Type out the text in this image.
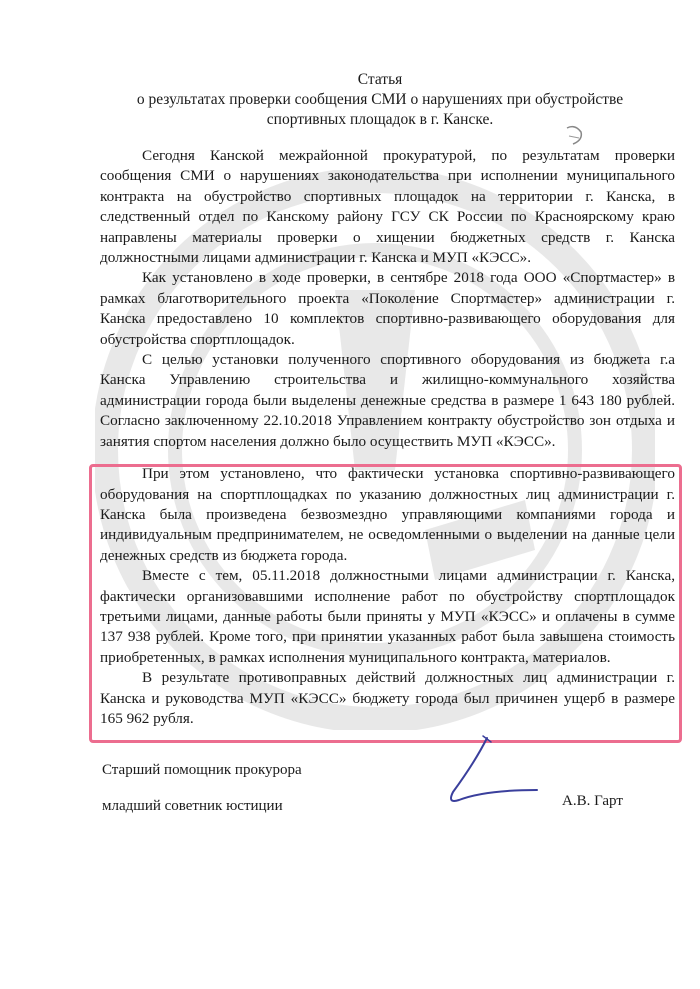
Статья
о результатах проверки сообщения СМИ о нарушениях при обустройстве
спортивных площадок в г. Канске.

Сегодня Канской межрайонной прокуратурой, по результатам проверки сообщения СМИ о нарушениях законодательства при исполнении муниципального контракта на обустройство спортивных площадок на территории г. Канска, в следственный отдел по Канскому району ГСУ СК России по Красноярскому краю направлены материалы проверки о хищении бюджетных средств г. Канска должностными лицами администрации г. Канска и МУП «КЭСС».

Как установлено в ходе проверки, в сентябре 2018 года ООО «Спортмастер» в рамках благотворительного проекта «Поколение Спортмастер» администрации г. Канска предоставлено 10 комплектов спортивно-развивающего оборудования для обустройства спортплощадок.

С целью установки полученного спортивного оборудования из бюджета г.а Канска Управлению строительства и жилищно-коммунального хозяйства администрации города были выделены денежные средства в размере 1 643 180 рублей. Согласно заключенному 22.10.2018 Управлением контракту обустройство зон отдыха и занятия спортом населения должно было осуществить МУП «КЭСС».

При этом установлено, что фактически установка спортивно-развивающего оборудования на спортплощадках по указанию должностных лиц администрации г. Канска была произведена безвозмездно управляющими компаниями города и индивидуальным предпринимателем, не осведомленными о выделении на данные цели денежных средств из бюджета города.

Вместе с тем, 05.11.2018 должностными лицами администрации г. Канска, фактически организовавшими исполнение работ по обустройству спортплощадок третьими лицами, данные работы были приняты у МУП «КЭСС» и оплачены в сумме 137 938 рублей. Кроме того, при принятии указанных работ была завышена стоимость приобретенных, в рамках исполнения муниципального контракта, материалов.

В результате противоправных действий должностных лиц администрации г. Канска и руководства МУП «КЭСС» бюджету города был причинен ущерб в размере 165 962 рубля.

Старший помощник прокурора
младший советник юстиции	А.В. Гарт
